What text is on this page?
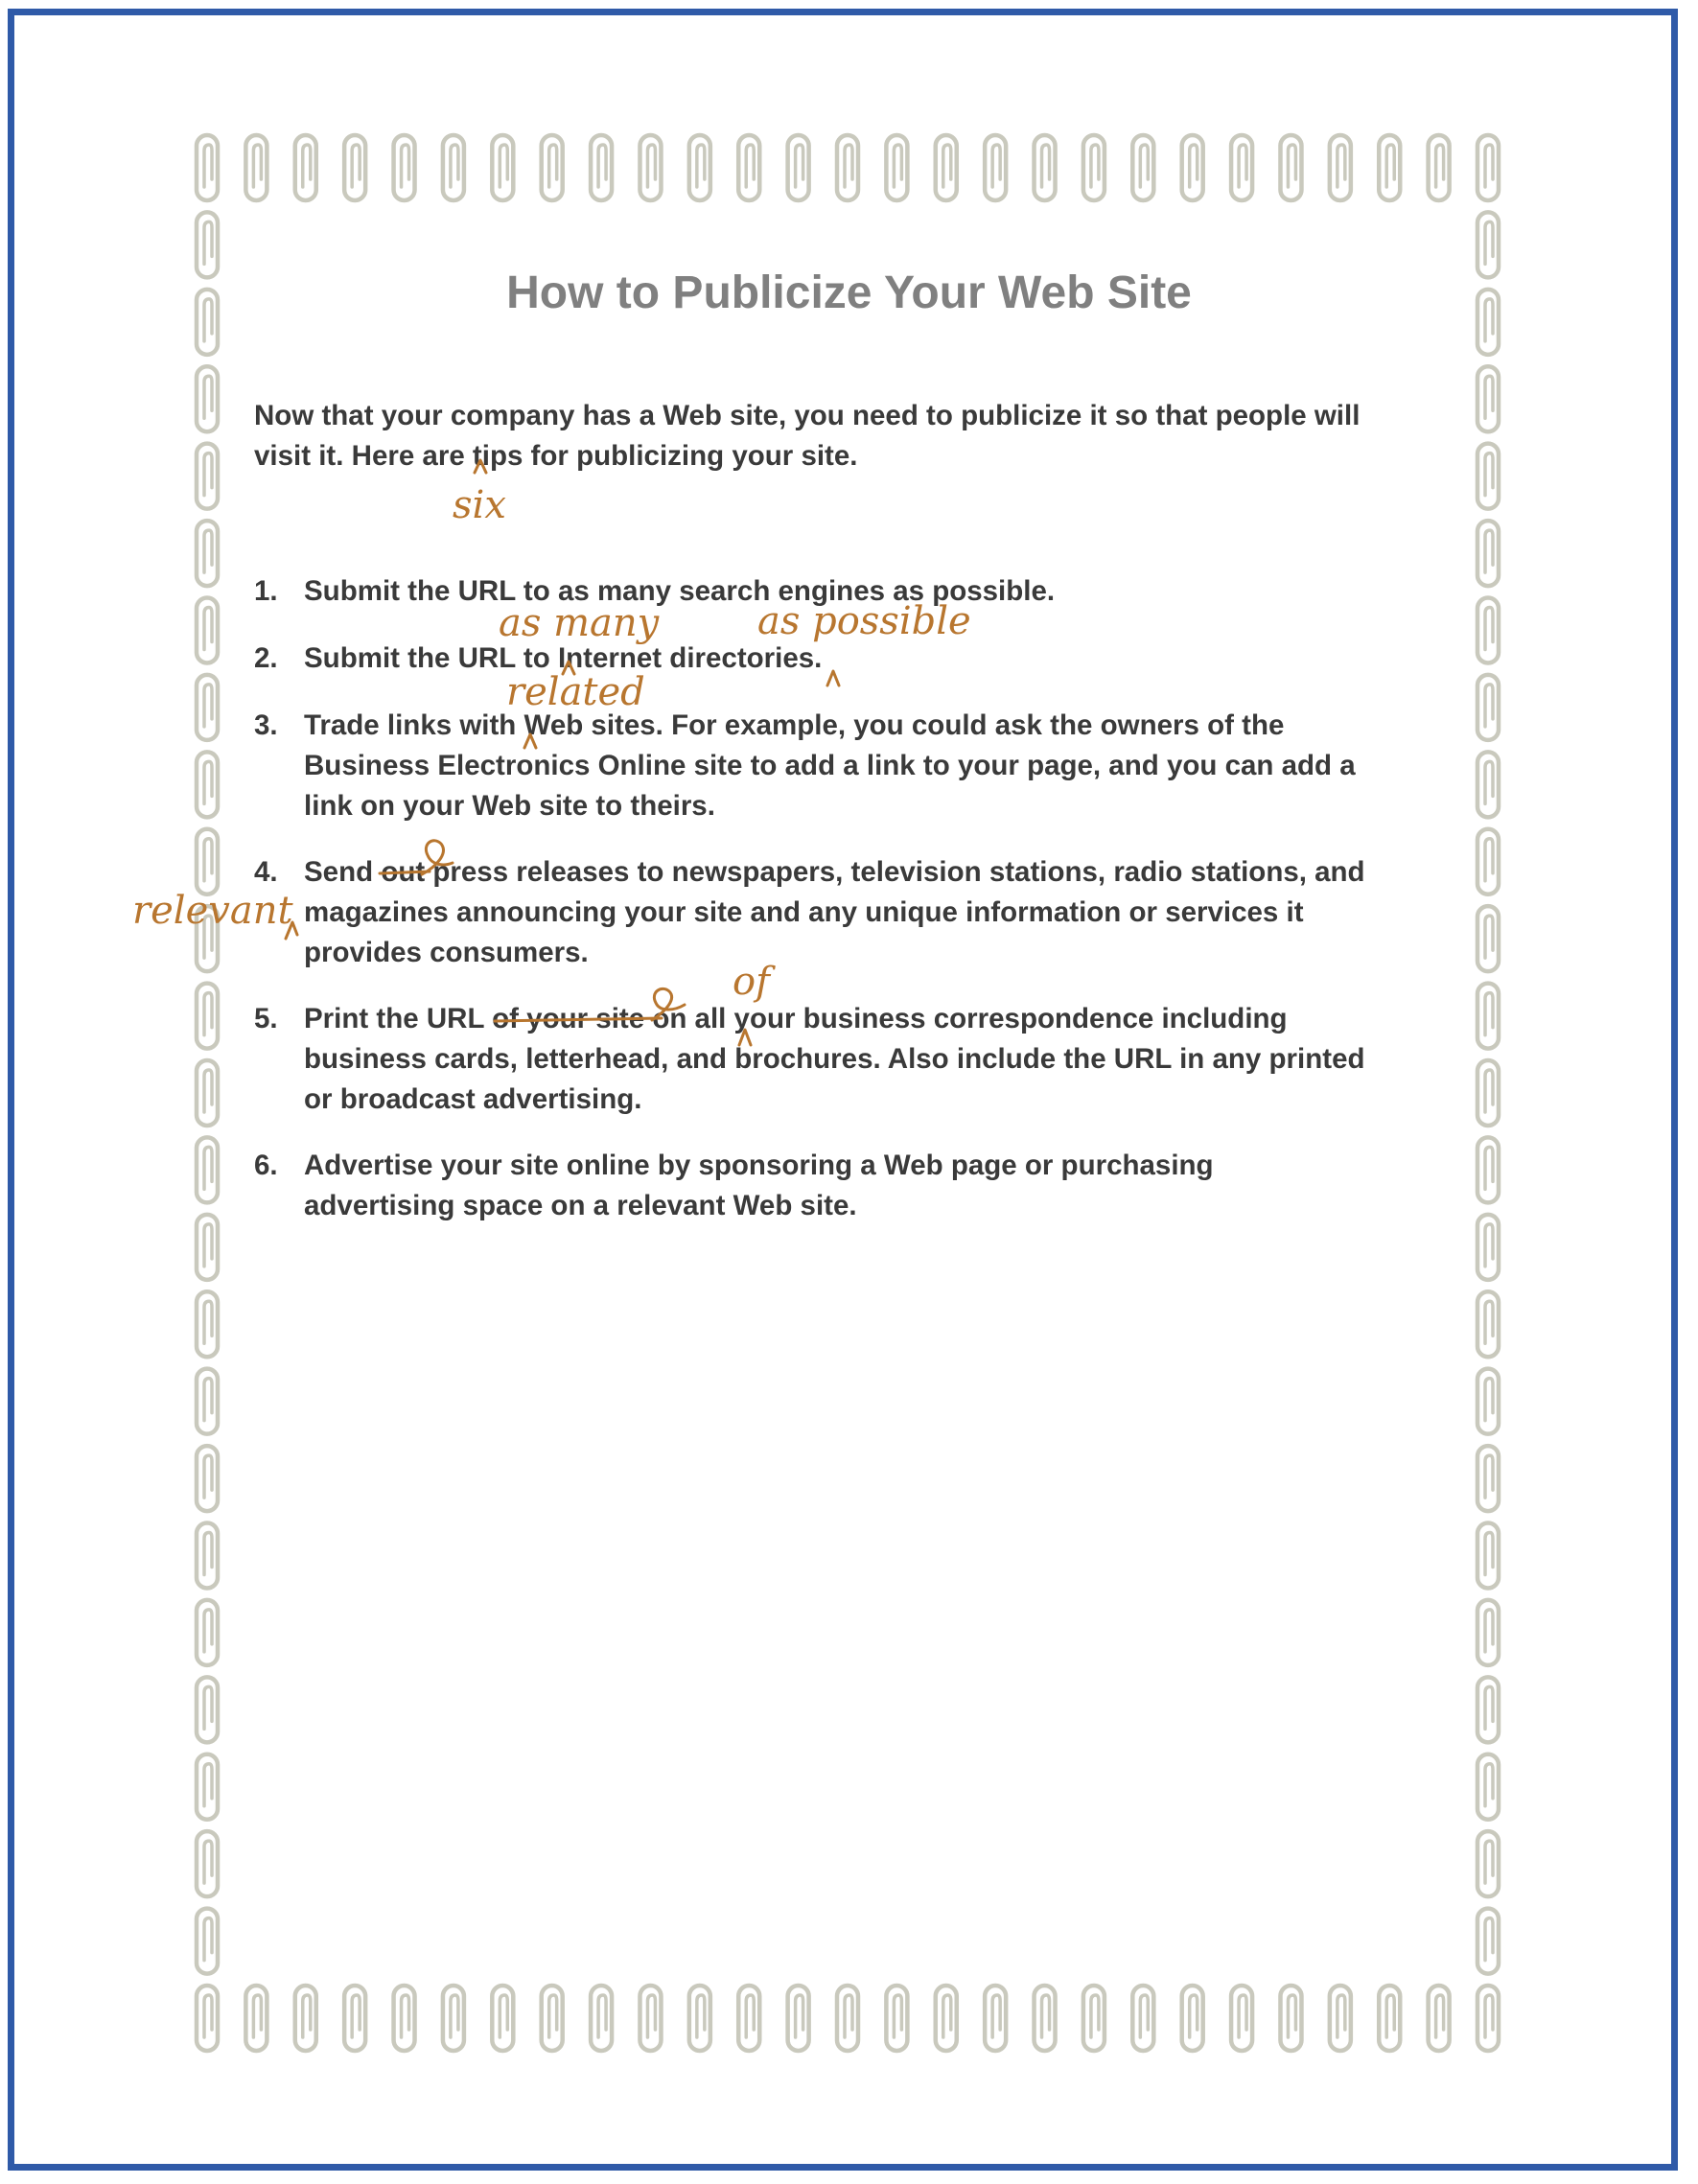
How to Publicize Your Web Site

Now that your company has a Web site, you need to publicize it so that people will

visit it. Here are tips for publicizing your site.

1. Submit the URL to as many search engines as possible.
2. Submit the URL to Internet directories.
3. Trade links with Web sites. For example, you could ask the owners of the
Business Electronics Online site to add a link to your page, and you can add a
link on your Web site to theirs.
4. Send out press releases to newspapers, television stations, radio stations, and
magazines announcing your site and any unique information or services it
provides consumers.
5. Print the URL of your site on all your business correspondence including
business cards, letterhead, and brochures. Also include the URL in any printed
or broadcast advertising.
6. Advertise your site online by sponsoring a Web page or purchasing
advertising space on a relevant Web site.
six
as many	as possible
related
relevant
of
